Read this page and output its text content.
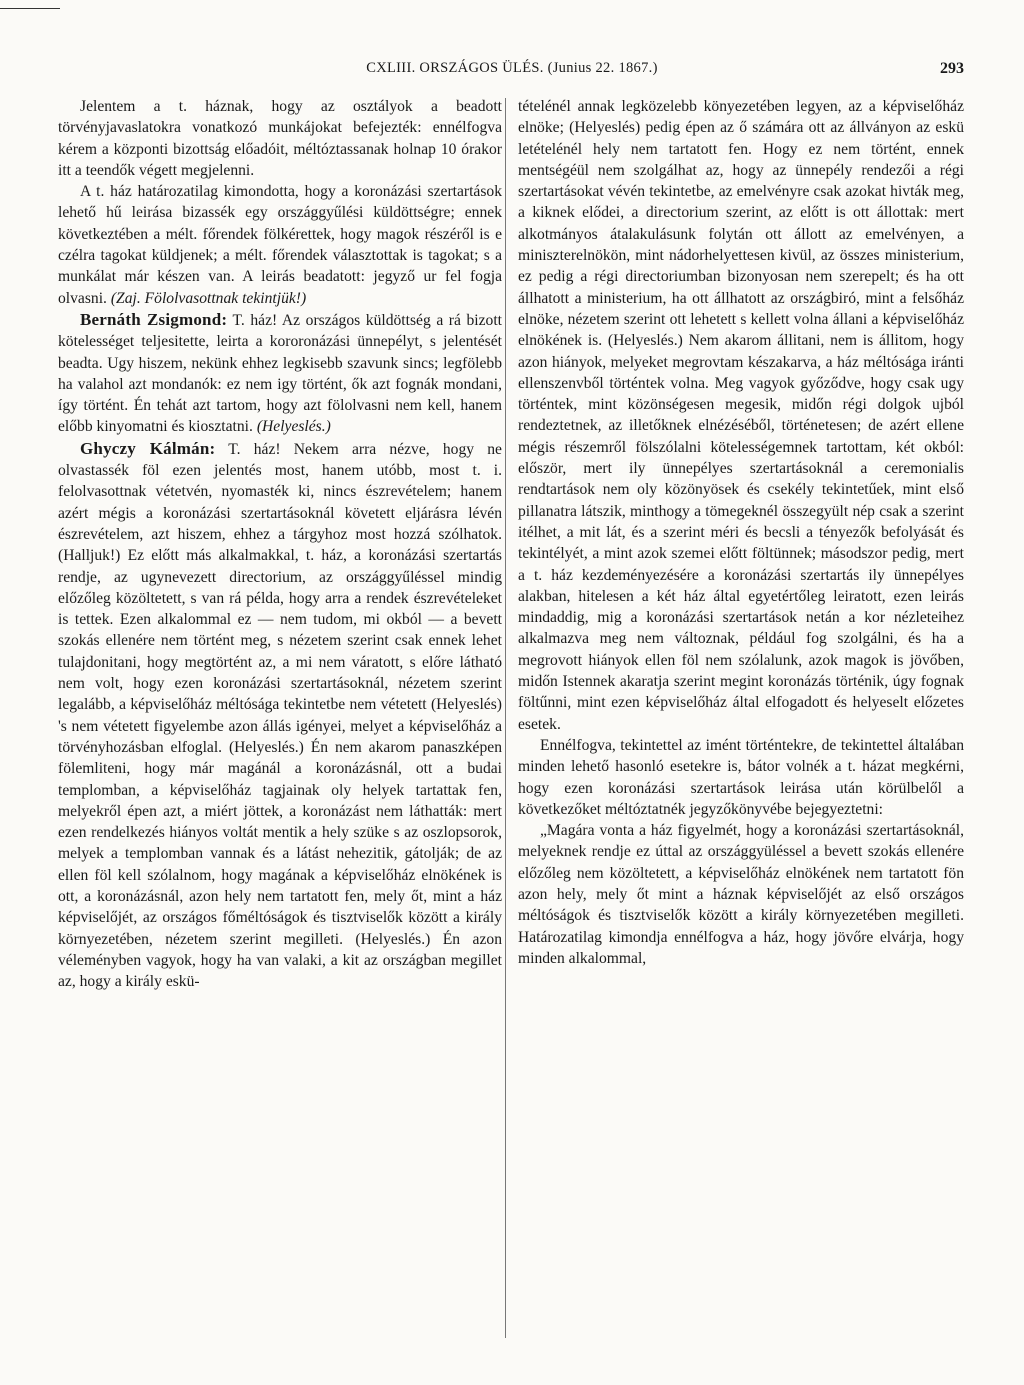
CXLIII. ORSZÁGOS ÜLÉS. (Junius 22. 1867.)	293

Jelentem a t. háznak, hogy az osztályok a beadott törvényjavaslatokra vonatkozó munkájokat befejezték: ennélfogva kérem a központi bizottság előadóit, méltóztassanak holnap 10 órakor itt a teendők végett megjelenni.

A t. ház határozatilag kimondotta, hogy a koronázási szertartások lehető hű leirása bizassék egy országgyűlési küldöttségre; ennek következtében a mélt. főrendek fölkérettek, hogy magok részéről is e czélra tagokat küldjenek; a mélt. főrendek választottak is tagokat; s a munkálat már készen van. A leirás beadatott: jegyző ur fel fogja olvasni. (Zaj. Fölolvasottnak tekintjük!)

Bernáth Zsigmond: T. ház! Az országos küldöttség a rá bizott kötelességet teljesitette, leirta a kororonázási ünnepélyt, s jelentését beadta. Ugy hiszem, nekünk ehhez legkisebb szavunk sincs; legfölebb ha valahol azt mondanók: ez nem igy történt, ők azt fognák mondani, így történt. Én tehát azt tartom, hogy azt fölolvasni nem kell, hanem előbb kinyomatni és kiosztatni. (Helyeslés.)

Ghyczy Kálmán: T. ház! Nekem arra nézve, hogy ne olvastassék föl ezen jelentés most, hanem utóbb, most t. i. felolvasottnak vétetvén, nyomasték ki, nincs észrevételem; hanem azért mégis a koronázási szertartásoknál követett eljárásra lévén észrevételem, azt hiszem, ehhez a tárgyhoz most hozzá szólhatok. (Halljuk!) Ez előtt más alkalmakkal, t. ház, a koronázási szertartás rendje, az ugynevezett directorium, az országgyűléssel mindig előzőleg közöltetett, s van rá példa, hogy arra a rendek észrevételeket is tettek. Ezen alkalommal ez — nem tudom, mi okból — a bevett szokás ellenére nem történt meg, s nézetem szerint csak ennek lehet tulajdonitani, hogy megtörtént az, a mi nem váratott, s előre látható nem volt, hogy ezen koronázási szertartásoknál, nézetem szerint legalább, a képviselőház méltósága tekintetbe nem vétetett (Helyeslés) 's nem vétetett figyelembe azon állás igényei, melyet a képviselőház a törvényhozásban elfoglal. (Helyeslés.) Én nem akarom panaszképen fölemliteni, hogy már magánál a koronázásnál, ott a budai templomban, a képviselőház tagjainak oly helyek tartattak fen, melyekről épen azt, a miért jöttek, a koronázást nem láthatták: mert ezen rendelkezés hiányos voltát mentik a hely szüke s az oszlopsorok, melyek a templomban vannak és a látást nehezitik, gátolják; de az ellen föl kell szólalnom, hogy magának a képviselőház elnökének is ott, a koronázásnál, azon hely nem tartatott fen, mely őt, mint a ház képviselőjét, az országos főméltóságok és tisztviselők között a király környezetében, nézetem szerint megilleti. (Helyeslés.) Én azon véleményben vagyok, hogy ha van valaki, a kit az országban megillet az, hogy a király eskü-

tételénél annak legközelebb könyezetében legyen, az a képviselőház elnöke; (Helyeslés) pedig épen az ő számára ott az állványon az eskü letételénél hely nem tartatott fen. Hogy ez nem történt, ennek mentségéül nem szolgálhat az, hogy az ünnepély rendezői a régi szertartásokat vévén tekintetbe, az emelvényre csak azokat hivták meg, a kiknek elődei, a directorium szerint, az előtt is ott állottak: mert alkotmányos átalakulásunk folytán ott állott az emelvényen, a miniszterelnökön, mint nádorhelyettesen kivül, az összes ministerium, ez pedig a régi directoriumban bizonyosan nem szerepelt; és ha ott állhatott a ministerium, ha ott állhatott az országbiró, mint a felsőház elnöke, nézetem szerint ott lehetett s kellett volna állani a képviselőház elnökének is. (Helyeslés.) Nem akarom állitani, nem is állitom, hogy azon hiányok, melyeket megrovtam készakarva, a ház méltósága iránti ellenszenvből történtek volna. Meg vagyok győződve, hogy csak ugy történtek, mint közönségesen megesik, midőn régi dolgok ujból rendeztetnek, az illetőknek elnézéséből, történetesen; de azért ellene mégis részemről fölszólalni kötelességemnek tartottam, két okból: először, mert ily ünnepélyes szertartásoknál a ceremonialis rendtartások nem oly közönyösek és csekély tekintetűek, mint első pillanatra látszik, minthogy a tömegeknél összegyült nép csak a szerint itélhet, a mit lát, és a szerint méri és becsli a tényezők befolyását és tekintélyét, a mint azok szemei előtt föltünnek; másodszor pedig, mert a t. ház kezdeményezésére a koronázási szertartás ily ünnepélyes alakban, hitelesen a két ház által egyetértőleg leiratott, ezen leirás mindaddig, mig a koronázási szertartások netán a kor nézleteihez alkalmazva meg nem változnak, például fog szolgálni, és ha a megrovott hiányok ellen föl nem szólalunk, azok magok is jövőben, midőn Istennek akaratja szerint megint koronázás történik, úgy fognak föltűnni, mint ezen képviselőház által elfogadott és helyeselt előzetes esetek.

Ennélfogva, tekintettel az imént történtekre, de tekintettel általában minden lehető hasonló esetekre is, bátor volnék a t. házat megkérni, hogy ezen koronázási szertartások leirása után körülbelől a következőket méltóztatnék jegyzőkönyvébe bejegyeztetni:

„Magára vonta a ház figyelmét, hogy a koronázási szertartásoknál, melyeknek rendje ez úttal az országgyüléssel a bevett szokás ellenére előzőleg nem közöltetett, a képviselőház elnökének nem tartatott fön azon hely, mely őt mint a háznak képviselőjét az első országos méltóságok és tisztviselők között a király környezetében megilleti. Határozatilag kimondja ennélfogva a ház, hogy jövőre elvárja, hogy minden alkalommal,
